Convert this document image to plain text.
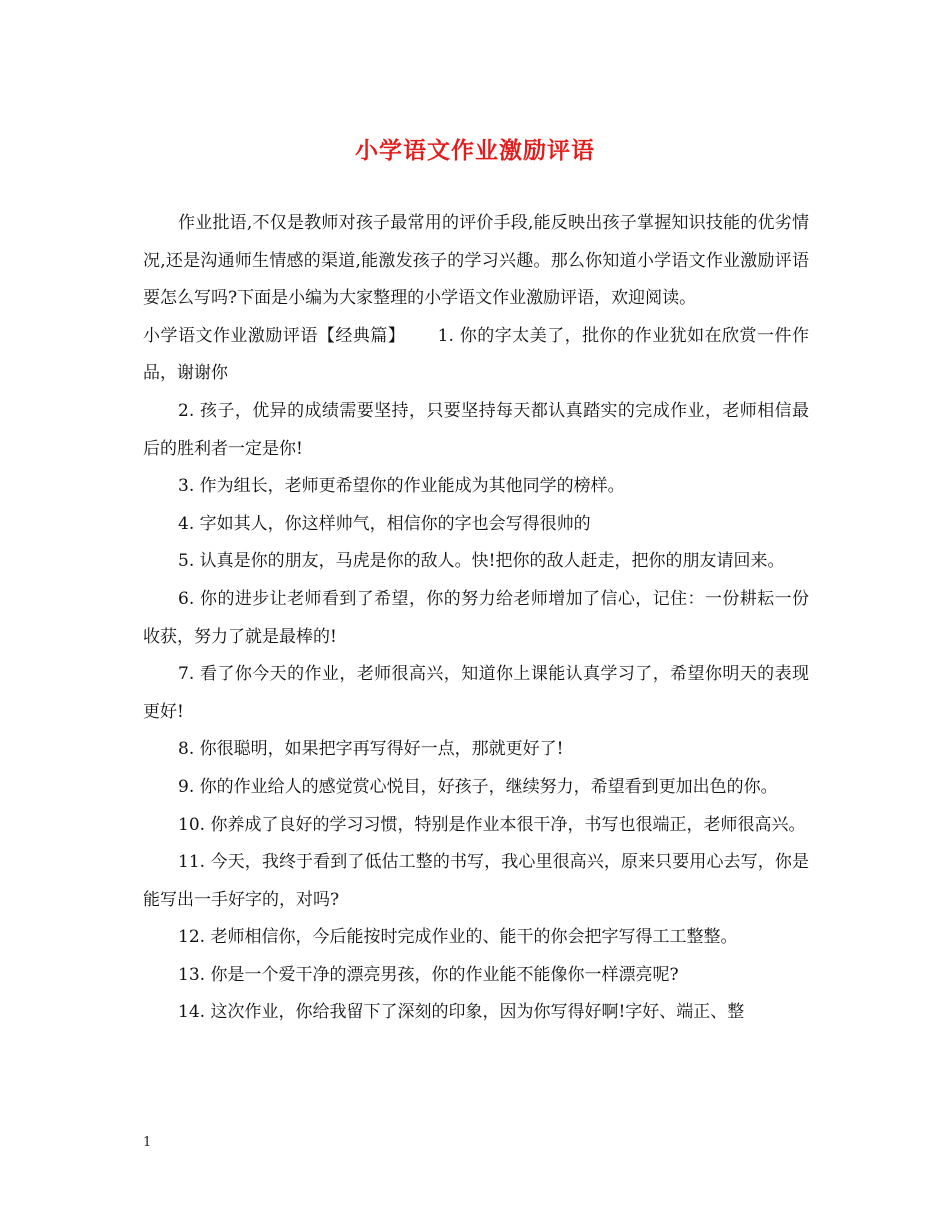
小学语文作业激励评语

作业批语,不仅是教师对孩子最常用的评价手段,能反映出孩子掌握知识技能的优劣情况,还是沟通师生情感的渠道,能激发孩子的学习兴趣。那么你知道小学语文作业激励评语要怎么写吗?下面是小编为大家整理的小学语文作业激励评语，欢迎阅读。

小学语文作业激励评语【经典篇】　　 1. 你的字太美了，批你的作业犹如在欣赏一件作品，谢谢你

2. 孩子，优异的成绩需要坚持，只要坚持每天都认真踏实的完成作业，老师相信最后的胜利者一定是你!

3. 作为组长，老师更希望你的作业能成为其他同学的榜样。

4. 字如其人，你这样帅气，相信你的字也会写得很帅的

5. 认真是你的朋友，马虎是你的敌人。快!把你的敌人赶走，把你的朋友请回来。

6. 你的进步让老师看到了希望，你的努力给老师增加了信心，记住：一份耕耘一份收获，努力了就是最棒的!

7. 看了你今天的作业，老师很高兴，知道你上课能认真学习了，希望你明天的表现更好!

8. 你很聪明，如果把字再写得好一点，那就更好了!

9. 你的作业给人的感觉赏心悦目，好孩子，继续努力，希望看到更加出色的你。

10. 你养成了良好的学习习惯，特别是作业本很干净，书写也很端正，老师很高兴。

11. 今天，我终于看到了低估工整的书写，我心里很高兴，原来只要用心去写，你是能写出一手好字的，对吗?

12. 老师相信你，今后能按时完成作业的、能干的你会把字写得工工整整。

13. 你是一个爱干净的漂亮男孩，你的作业能不能像你一样漂亮呢?

14. 这次作业，你给我留下了深刻的印象，因为你写得好啊!字好、端正、整

1
